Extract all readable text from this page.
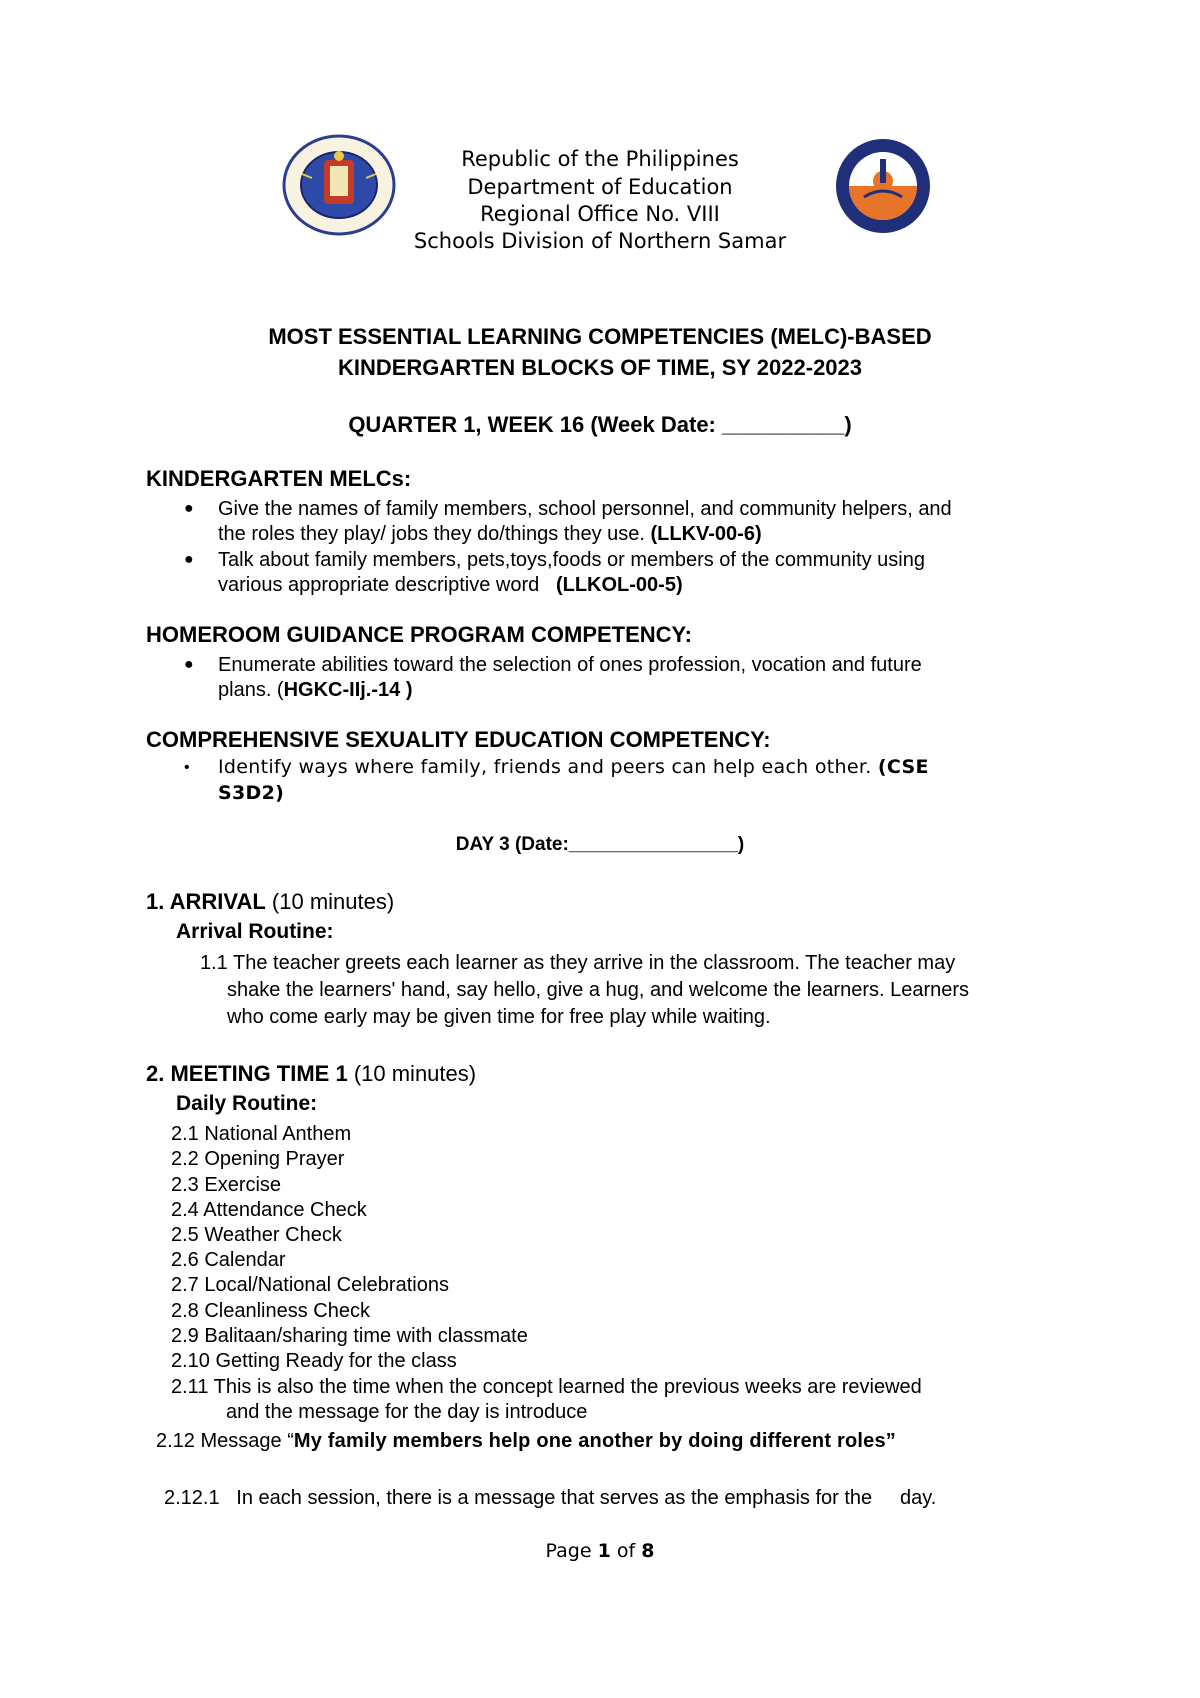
Republic of the Philippines
Department of Education
Regional Office No. VIII
Schools Division of Northern Samar
MOST ESSENTIAL LEARNING COMPETENCIES (MELC)-BASED
KINDERGARTEN BLOCKS OF TIME, SY 2022-2023
QUARTER 1, WEEK 16 (Week Date: __________)
KINDERGARTEN MELCs:
● Give the names of family members, school personnel, and community helpers, and
the roles they play/ jobs they do/things they use. (LLKV-00-6)
● Talk about family members, pets,toys,foods or members of the community using
various appropriate descriptive word   (LLKOL-00-5)
HOMEROOM GUIDANCE PROGRAM COMPETENCY:
● Enumerate abilities toward the selection of ones profession, vocation and future
plans. (HGKC-IIj.-14 )
COMPREHENSIVE SEXUALITY EDUCATION COMPETENCY:
• Identify ways where family, friends and peers can help each other. (CSE
S3D2)
DAY 3 (Date:________________)
1. ARRIVAL (10 minutes)
Arrival Routine:
1.1 The teacher greets each learner as they arrive in the classroom. The teacher may
shake the learners' hand, say hello, give a hug, and welcome the learners. Learners
who come early may be given time for free play while waiting.
2. MEETING TIME 1 (10 minutes)
Daily Routine:
2.1 National Anthem
2.2 Opening Prayer
2.3 Exercise
2.4 Attendance Check
2.5 Weather Check
2.6 Calendar
2.7 Local/National Celebrations
2.8 Cleanliness Check
2.9 Balitaan/sharing time with classmate
2.10 Getting Ready for the class
2.11 This is also the time when the concept learned the previous weeks are reviewed
and the message for the day is introduce
2.12 Message “My family members help one another by doing different roles”
2.12.1   In each session, there is a message that serves as the emphasis for the     day.
Page 1 of 8
